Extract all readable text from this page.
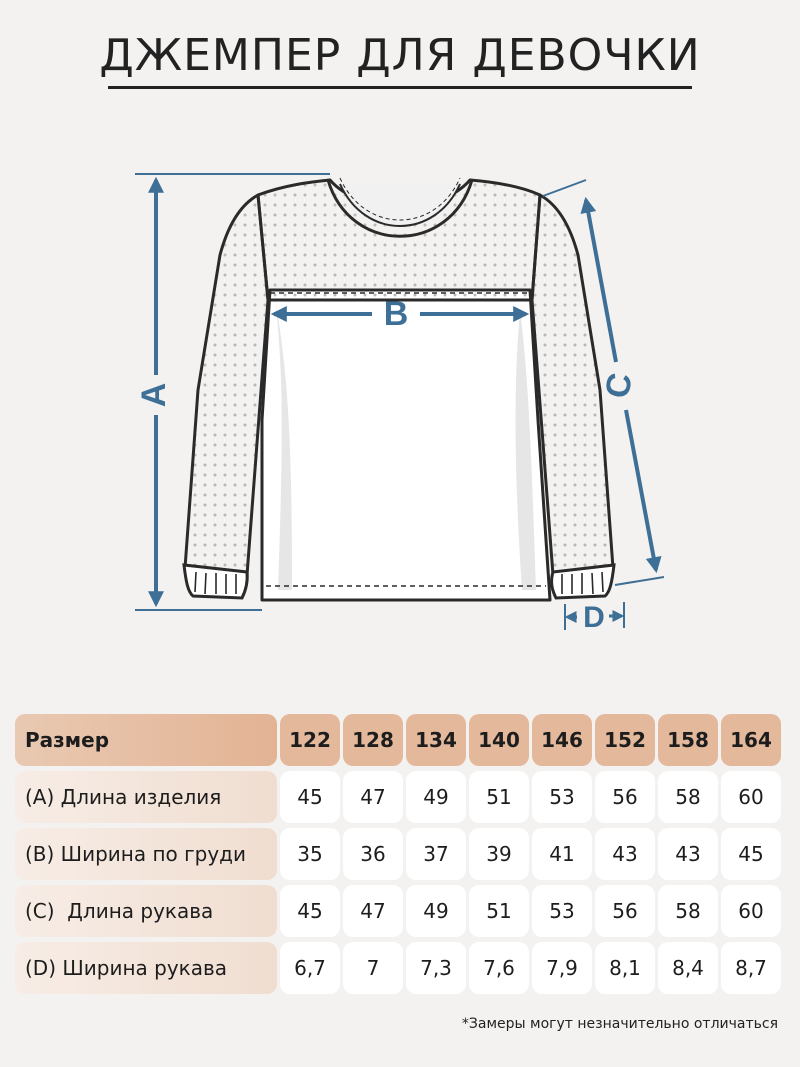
ДЖЕМПЕР ДЛЯ ДЕВОЧКИ
A
B
C
D
Размер	122	128	134	140	146	152	158	164
(A) Длина изделия	45	47	49	51	53	56	58	60
(B) Ширина по груди	35	36	37	39	41	43	43	45
(C)  Длина рукава	45	47	49	51	53	56	58	60
(D) Ширина рукава	6,7	7	7,3	7,6	7,9	8,1	8,4	8,7
*Замеры могут незначительно отличаться
